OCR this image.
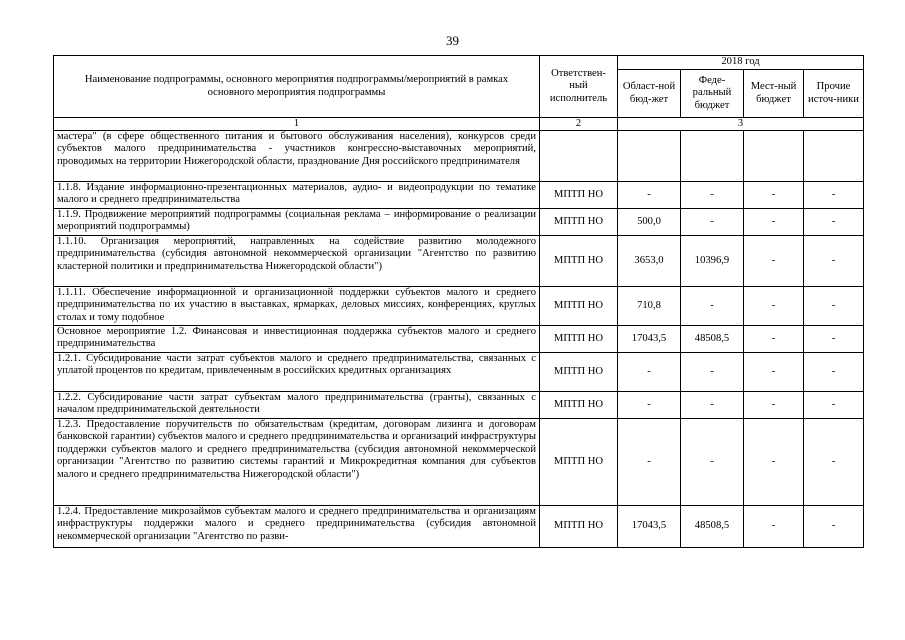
39
Наименование подпрограммы, основного мероприятия подпрограммы/мероприятий в рамках основного мероприятия подпрограммы	Ответствен-ный исполнитель	2018 год			
		Област-ной бюд-жет	Феде-ральный бюджет	Мест-ный бюджет	Прочие источ-ники
1	2	3			
мастера" (в сфере общественного питания и бытового обслуживания населения), конкурсов среди субъектов малого предпринимательства - участников конгрессно-выставочных мероприятий, проводимых на территории Нижегородской области, празднование Дня российского предпринимателя					
1.1.8. Издание информационно-презентационных материалов, аудио- и видеопродукции по тематике малого и среднего предпринимательства	МПТП НО	-	-	-	-
1.1.9. Продвижение мероприятий подпрограммы (социальная реклама – информирование о реализации мероприятий подпрограммы)	МПТП НО	500,0	-	-	-
1.1.10. Организация мероприятий, направленных на содействие развитию молодежного предпринимательства (субсидия автономной некоммерческой организации "Агентство по развитию кластерной политики и предпринимательства Нижегородской области")	МПТП НО	3653,0	10396,9	-	-
1.1.11. Обеспечение информационной и организационной поддержки субъектов малого и среднего предпринимательства по их участию в выставках, ярмарках, деловых миссиях, конференциях, круглых столах и тому подобное	МПТП НО	710,8	-	-	-
Основное мероприятие 1.2. Финансовая и инвестиционная поддержка субъектов малого и среднего предпринимательства	МПТП НО	17043,5	48508,5	-	-
1.2.1. Субсидирование части затрат субъектов малого и среднего предпринимательства, связанных с уплатой процентов по кредитам, привлеченным в российских кредитных организациях	МПТП НО	-	-	-	-
1.2.2. Субсидирование части затрат субъектам малого предпринимательства (гранты), связанных с началом предпринимательской деятельности	МПТП НО	-	-	-	-
1.2.3. Предоставление поручительств по обязательствам (кредитам, договорам лизинга и договорам банковской гарантии) субъектов малого и среднего предпринимательства и организаций инфраструктуры поддержки субъектов малого и среднего предпринимательства (субсидия автономной некоммерческой организации "Агентство по развитию системы гарантий и Микрокредитная компания для субъектов малого и среднего предпринимательства Нижегородской области")	МПТП НО	-	-	-	-
1.2.4. Предоставление микрозаймов субъектам малого и среднего предпринимательства и организациям инфраструктуры поддержки малого и среднего предпринимательства (субсидия автономной некоммерческой организации "Агентство по разви-	МПТП НО	17043,5	48508,5	-	-
